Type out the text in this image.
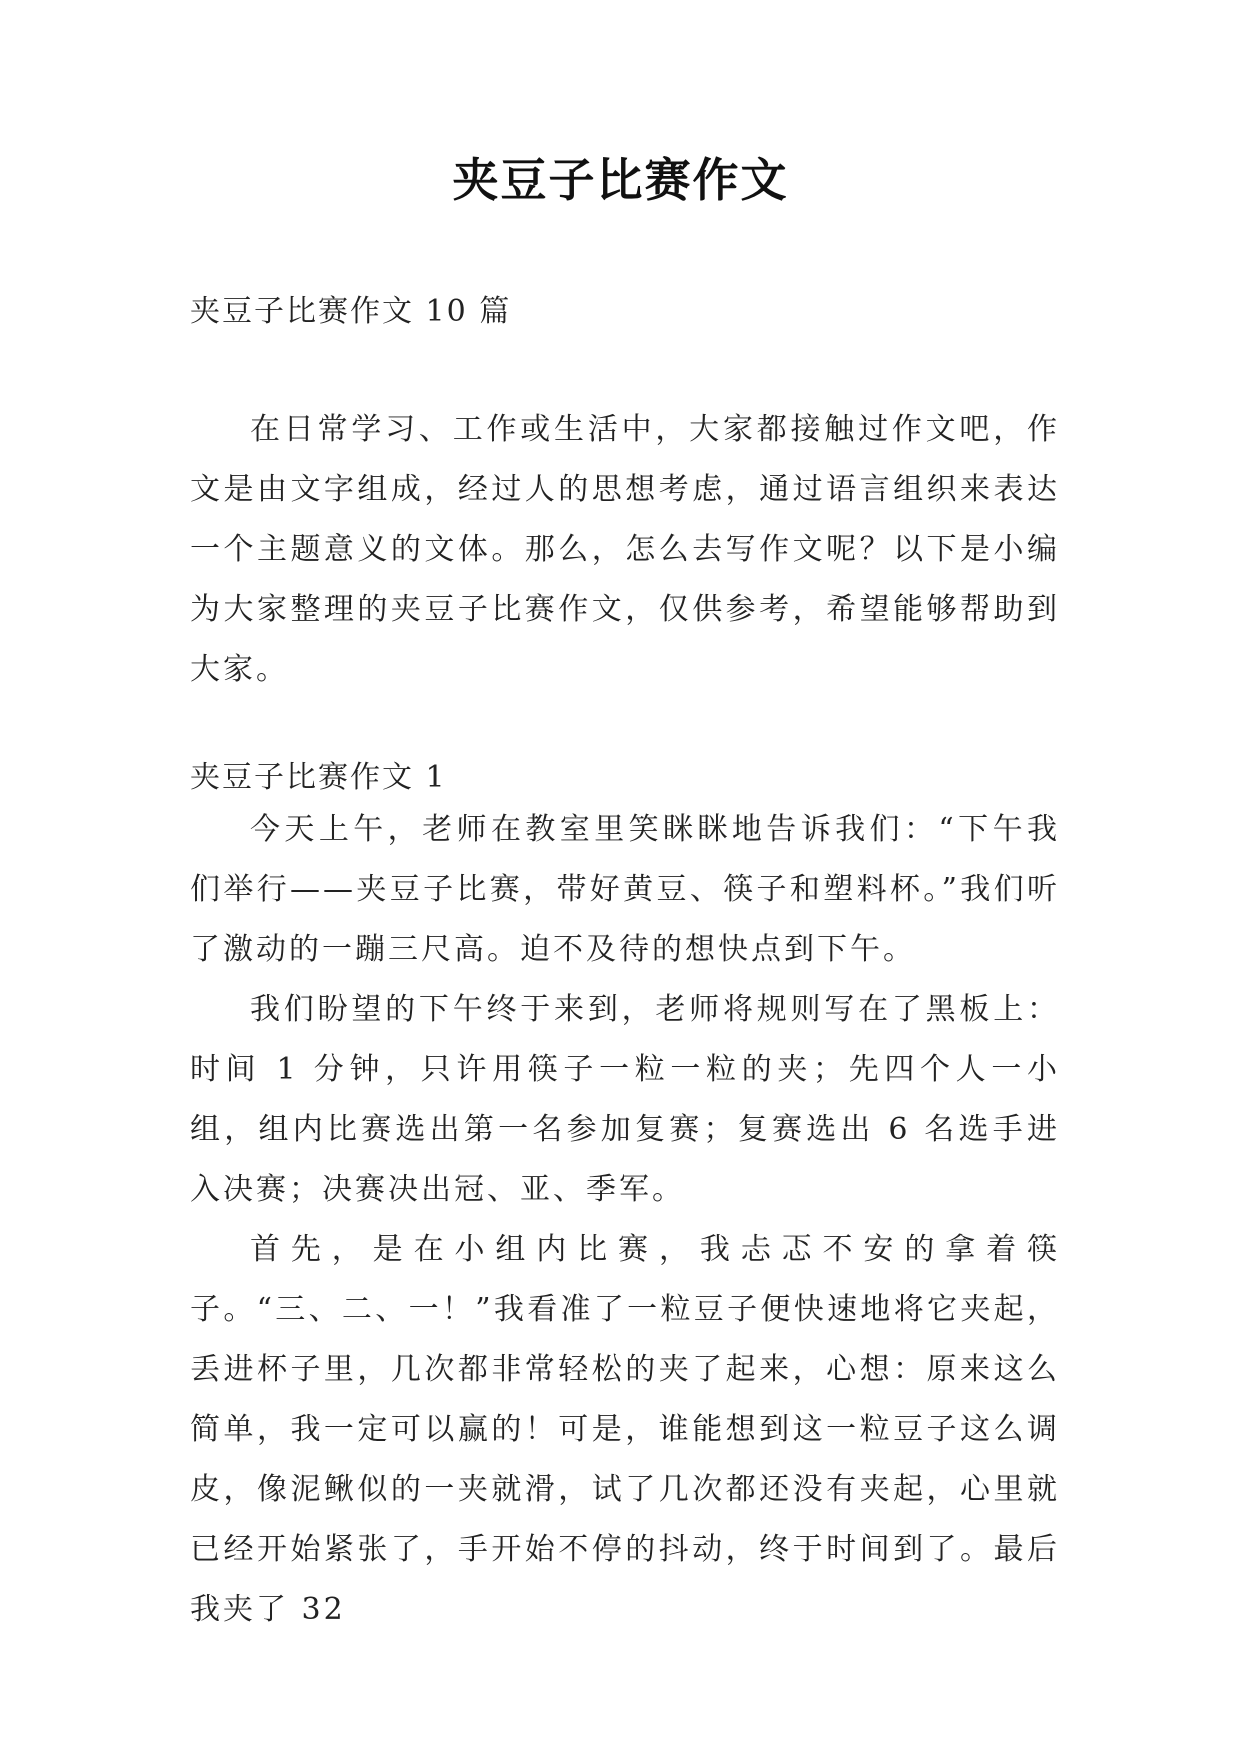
夹豆子比赛作文
夹豆子比赛作文 10 篇

在日常学习、工作或生活中，大家都接触过作文吧，作文是由文字组成，经过人的思想考虑，通过语言组织来表达一个主题意义的文体。那么，怎么去写作文呢？以下是小编为大家整理的夹豆子比赛作文，仅供参考，希望能够帮助到大家。

夹豆子比赛作文 1

今天上午，老师在教室里笑眯眯地告诉我们：“下午我们举行——夹豆子比赛，带好黄豆、筷子和塑料杯。”我们听了激动的一蹦三尺高。迫不及待的想快点到下午。

我们盼望的下午终于来到，老师将规则写在了黑板上：时间 1 分钟，只许用筷子一粒一粒的夹；先四个人一小组，组内比赛选出第一名参加复赛；复赛选出 6 名选手进入决赛；决赛决出冠、亚、季军。

首先，是在小组内比赛，我忐忑不安的拿着筷子。“三、二、一！”我看准了一粒豆子便快速地将它夹起，丢进杯子里，几次都非常轻松的夹了起来，心想：原来这么简单，我一定可以赢的！可是，谁能想到这一粒豆子这么调皮，像泥鳅似的一夹就滑，试了几次都还没有夹起，心里就已经开始紧张了，手开始不停的抖动，终于时间到了。最后我夹了 32
